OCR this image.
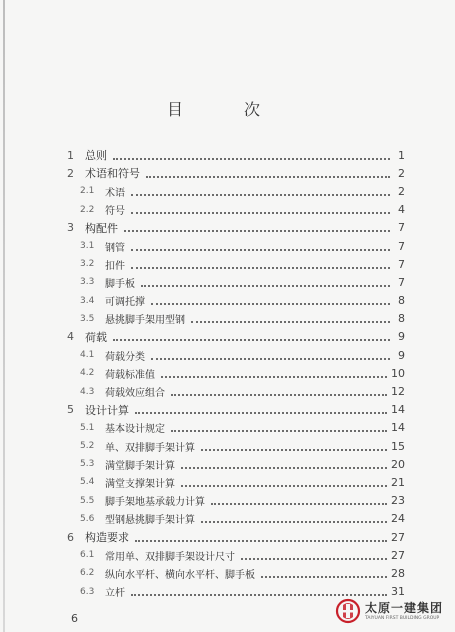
目 次
1	总则	1
2	术语和符号	2
2.1	术语	2
2.2	符号	4
3	构配件	7
3.1	钢管	7
3.2	扣件	7
3.3	脚手板	7
3.4	可调托撑	8
3.5	悬挑脚手架用型钢	8
4	荷载	9
4.1	荷载分类	9
4.2	荷载标准值	10
4.3	荷载效应组合	12
5	设计计算	14
5.1	基本设计规定	14
5.2	单、双排脚手架计算	15
5.3	满堂脚手架计算	20
5.4	满堂支撑架计算	21
5.5	脚手架地基承载力计算	23
5.6	型钢悬挑脚手架计算	24
6	构造要求	27
6.1	常用单、双排脚手架设计尺寸	27
6.2	纵向水平杆、横向水平杆、脚手板	28
6.3	立杆	31
6
太原一建集团
TAIYUAN FIRST BUILDING GROUP
